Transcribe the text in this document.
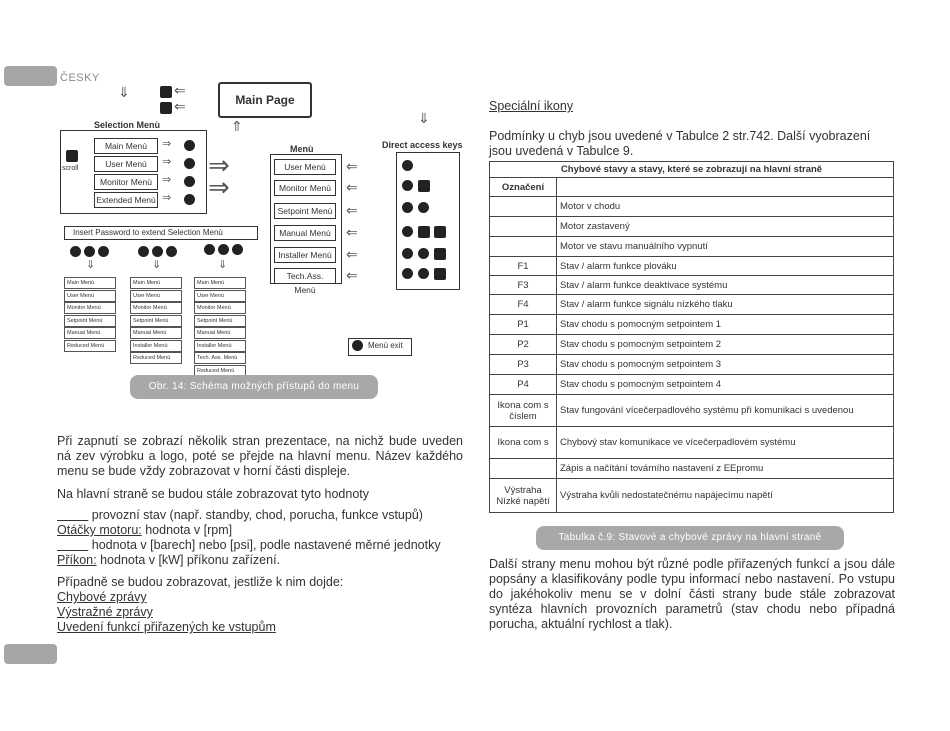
ČESKY
Main Page
⇐
⇐
⇓
⇑	⇓
Selection Menù
Main Menù
User Menù
Monitor Menù
Extended Menù
⇒
⇒
⇒
⇒
scroll	⇒
⇒
Menù
User Menù
Monitor Menù
Setpoint Menù
Manual Menù
Installer Menù
Tech.Ass. Menù
Direct access keys
⇐
⇐
⇐
⇐
⇐
⇐
Insert Password to extend Selection Menù
⇓	⇓	⇓
Main Menù
User Menù
Monitor Menù
Setpoint Menù
Manual Menù
Reduced Menù
Main Menù
User Menù
Monitor Menù
Setpoint Menù
Manual Menù
Installer Menù
Reduced Menù
Main Menù
User Menù
Monitor Menù
Setpoint Menù
Manual Menù
Installer Menù
Tech. Ass. Menù
Reduced Menù
Menù exit
Obr. 14: Schéma možných přístupů do menu

Při zapnutí se zobrazí několik stran prezentace, na nichž bude uveden ná zev výrobku a logo, poté se přejde na hlavní menu. Název každého menu se bude vždy zobrazovat v horní části displeje.

Na hlavní straně se budou stále zobrazovat tyto hodnoty

provozní stav (např. standby, chod, porucha, funkce vstupů)

Otáčky motoru: hodnota v [rpm]

hodnota v [barech] nebo [psi], podle nastavené měrné jednotky

Příkon: hodnota v [kW] příkonu zařízení.

Případně se budou zobrazovat, jestliže k nim dojde:

Chybové zprávy

Výstražné zprávy

Uvedení funkcí přiřazených ke vstupům

Speciální ikony

Podmínky u chyb jsou uvedené v Tabulce 2 str.742. Další vyobrazení jsou uvedená v Tabulce 9.

Chybové stavy a stavy, které se zobrazují na hlavní straně	
Označení	
	Motor v chodu
	Motor zastavený
	Motor ve stavu manuálního vypnutí
F1	Stav / alarm funkce plováku
F3	Stav / alarm funkce deaktivace systému
F4	Stav / alarm funkce signálu nízkého tlaku
P1	Stav chodu s pomocným setpointem 1
P2	Stav chodu s pomocným setpointem 2
P3	Stav chodu s pomocným setpointem 3
P4	Stav chodu s pomocným setpointem 4
Ikona com s číslem	Stav fungování vícečerpadlového systému při komunikaci s uvedenou
Ikona com s	Chybový stav komunikace ve vícečerpadlovém systému
	Zápis a načítání továrního nastavení z EEpromu
Výstraha Nízké napětí	Výstraha kvůli nedostatečnému napájecímu napětí
Tabulka č.9: Stavové a chybové zprávy na hlavní straně

Další strany menu mohou být různé podle přiřazených funkcí a jsou dále popsány a klasifikovány podle typu informací nebo nastavení. Po vstupu do jakéhokoliv menu se v dolní části strany bude stále zobrazovat syntéza hlavních provozních parametrů (stav chodu nebo případná porucha, aktuální rychlost a tlak).
